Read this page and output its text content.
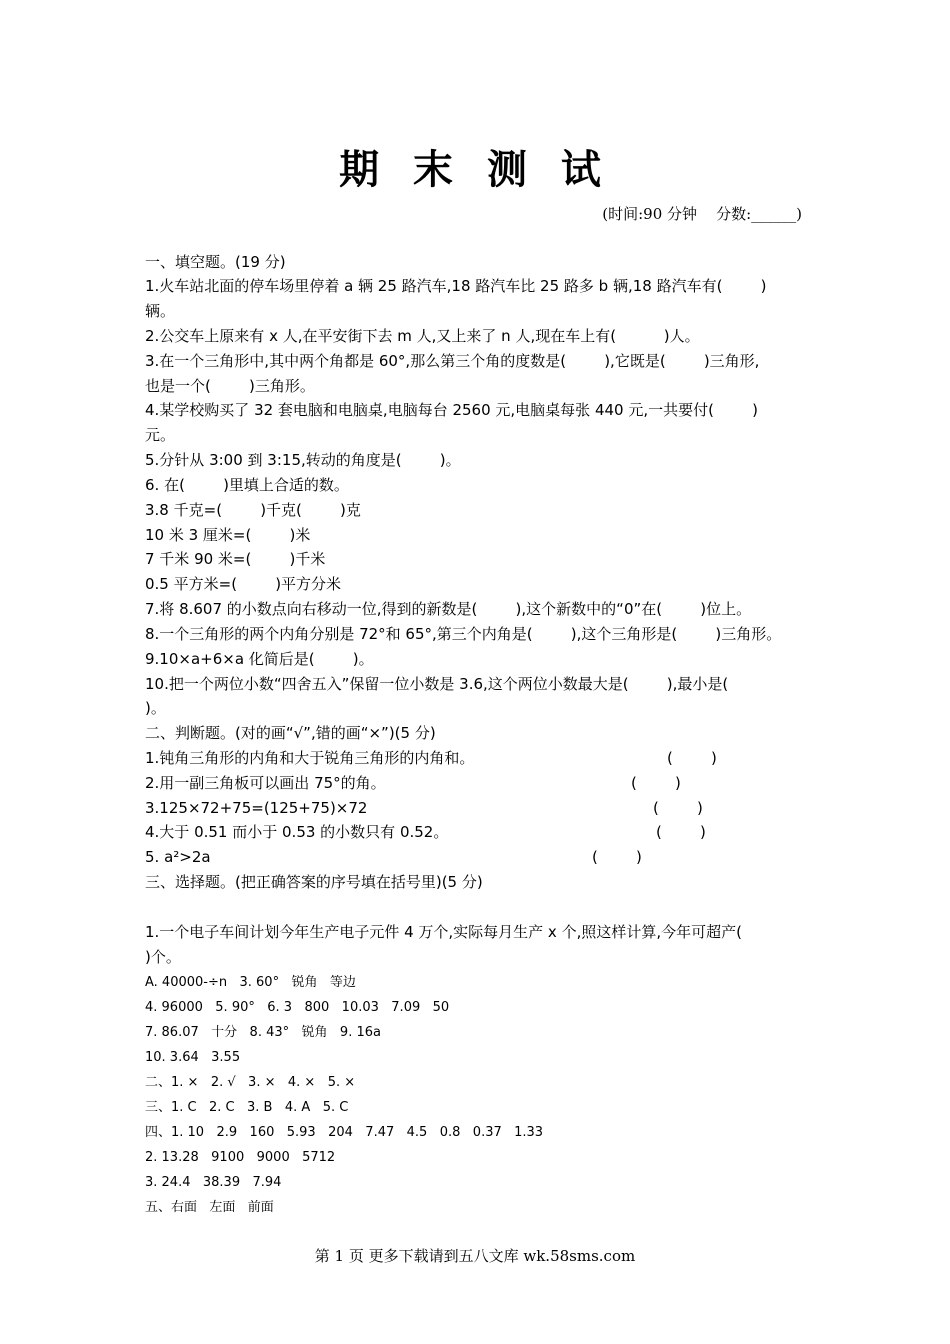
期 末 测 试
(时间:90 分钟    分数:______)
一、填空题。(19 分)
1.火车站北面的停车场里停着 a 辆 25 路汽车,18 路汽车比 25 路多 b 辆,18 路汽车有(        )
辆。
2.公交车上原来有 x 人,在平安街下去 m 人,又上来了 n 人,现在车上有(          )人。
3.在一个三角形中,其中两个角都是 60°,那么第三个角的度数是(        ),它既是(        )三角形,
也是一个(        )三角形。
4.某学校购买了 32 套电脑和电脑桌,电脑每台 2560 元,电脑桌每张 440 元,一共要付(        )
元。
5.分针从 3:00 到 3:15,转动的角度是(        )。
6. 在(        )里填上合适的数。
3.8 千克=(        )千克(        )克
10 米 3 厘米=(        )米
7 千米 90 米=(        )千米
0.5 平方米=(        )平方分米
7.将 8.607 的小数点向右移动一位,得到的新数是(        ),这个新数中的“0”在(        )位上。
8.一个三角形的两个内角分别是 72°和 65°,第三个内角是(        ),这个三角形是(        )三角形。
9.10×a+6×a 化简后是(        )。
10.把一个两位小数“四舍五入”保留一位小数是 3.6,这个两位小数最大是(        ),最小是(
)。
二、判断题。(对的画“√”,错的画“×”)(5 分)
1.钝角三角形的内角和大于锐角三角形的内角和。	(        )
2.用一副三角板可以画出 75°的角。	(        )
3.125×72+75=(125+75)×72	(        )
4.大于 0.51 而小于 0.53 的小数只有 0.52。	(        )
5. a²>2a	(        )
三、选择题。(把正确答案的序号填在括号里)(5 分)
1.一个电子车间计划今年生产电子元件 4 万个,实际每月生产 x 个,照这样计算,今年可超产(
)个。
A. 40000-÷n   3. 60°   锐角   等边
4. 96000   5. 90°   6. 3   800   10.03   7.09   50
7. 86.07   十分   8. 43°   锐角   9. 16a
10. 3.64   3.55
二、1. ×   2. √   3. ×   4. ×   5. ×
三、1. C   2. C   3. B   4. A   5. C
四、1. 10   2.9   160   5.93   204   7.47   4.5   0.8   0.37   1.33
2. 13.28   9100   9000   5712
3. 24.4   38.39   7.94
五、右面   左面   前面
第 1 页 更多下载请到五八文库 wk.58sms.com
